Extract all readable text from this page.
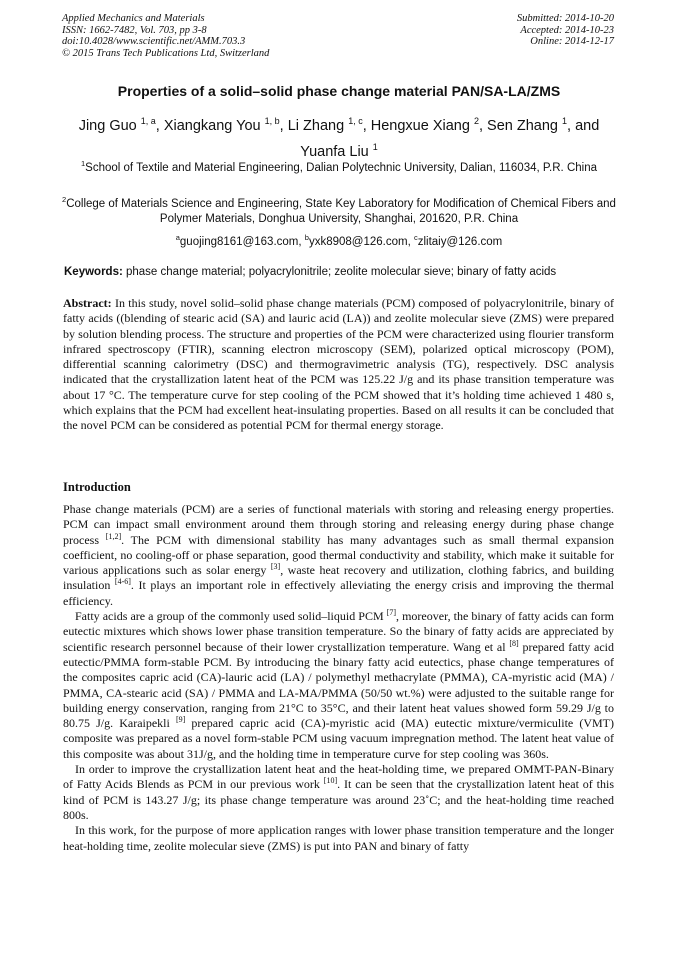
Applied Mechanics and Materials
ISSN: 1662-7482, Vol. 703, pp 3-8
doi:10.4028/www.scientific.net/AMM.703.3
© 2015 Trans Tech Publications Ltd, Switzerland
Submitted: 2014-10-20
Accepted: 2014-10-23
Online: 2014-12-17
Properties of a solid–solid phase change material PAN/SA-LA/ZMS
Jing Guo $^{1, a}$, Xiangkang You $^{1, b}$, Li Zhang $^{1, c}$, Hengxue Xiang $^2$, Sen Zhang $^1$, and Yuanfa Liu $^1$
$^1$School of Textile and Material Engineering, Dalian Polytechnic University, Dalian, 116034, P.R. China
$^2$College of Materials Science and Engineering, State Key Laboratory for Modification of Chemical Fibers and Polymer Materials, Donghua University, Shanghai, 201620, P.R. China
$^a$guojing8161@163.com, $^b$yxk8908@126.com, $^c$zlitaiy@126.com
Keywords: phase change material; polyacrylonitrile; zeolite molecular sieve; binary of fatty acids

Abstract: In this study, novel solid–solid phase change materials (PCM) composed of polyacrylonitrile, binary of fatty acids ((blending of stearic acid (SA) and lauric acid (LA)) and zeolite molecular sieve (ZMS) were prepared by solution blending process. The structure and properties of the PCM were characterized using flourier transform infrared spectroscopy (FTIR), scanning electron microscopy (SEM), polarized optical microscopy (POM), differential scanning calorimetry (DSC) and thermogravimetric analysis (TG), respectively. DSC analysis indicated that the crystallization latent heat of the PCM was 125.22 J/g and its phase transition temperature was about 17 °C. The temperature curve for step cooling of the PCM showed that it’s holding time achieved 1 480 s, which explains that the PCM had excellent heat-insulating properties. Based on all results it can be concluded that the novel PCM can be considered as potential PCM for thermal energy storage.

Introduction

Phase change materials (PCM) are a series of functional materials with storing and releasing energy properties. PCM can impact small environment around them through storing and releasing energy during phase change process [1,2]. The PCM with dimensional stability has many advantages such as small thermal expansion coefficient, no cooling-off or phase separation, good thermal conductivity and stability, which make it suitable for various applications such as solar energy [3], waste heat recovery and utilization, clothing fabrics, and building insulation [4-6]. It plays an important role in effectively alleviating the energy crisis and improving the thermal efficiency.

Fatty acids are a group of the commonly used solid–liquid PCM [7], moreover, the binary of fatty acids can form eutectic mixtures which shows lower phase transition temperature. So the binary of fatty acids are appreciated by scientific research personnel because of their lower crystallization temperature. Wang et al [8] prepared fatty acid eutectic/PMMA form-stable PCM. By introducing the binary fatty acid eutectics, phase change temperatures of the composites capric acid (CA)-lauric acid (LA) / polymethyl methacrylate (PMMA), CA-myristic acid (MA) / PMMA, CA-stearic acid (SA) / PMMA and LA-MA/PMMA (50/50 wt.%) were adjusted to the suitable range for building energy conservation, ranging from 21°C to 35°C, and their latent heat values showed form 59.29 J/g to 80.75 J/g. Karaipekli [9] prepared capric acid (CA)-myristic acid (MA) eutectic mixture/vermiculite (VMT) composite was prepared as a novel form-stable PCM using vacuum impregnation method. The latent heat value of this composite was about 31J/g, and the holding time in temperature curve for step cooling was 360s.

In order to improve the crystallization latent heat and the heat-holding time, we prepared OMMT-PAN-Binary of Fatty Acids Blends as PCM in our previous work [10]. It can be seen that the crystallization latent heat of this kind of PCM is 143.27 J/g; its phase change temperature was around 23˚C; and the heat-holding time reached 800s.

In this work, for the purpose of more application ranges with lower phase transition temperature and the longer heat-holding time, zeolite molecular sieve (ZMS) is put into PAN and binary of fatty
